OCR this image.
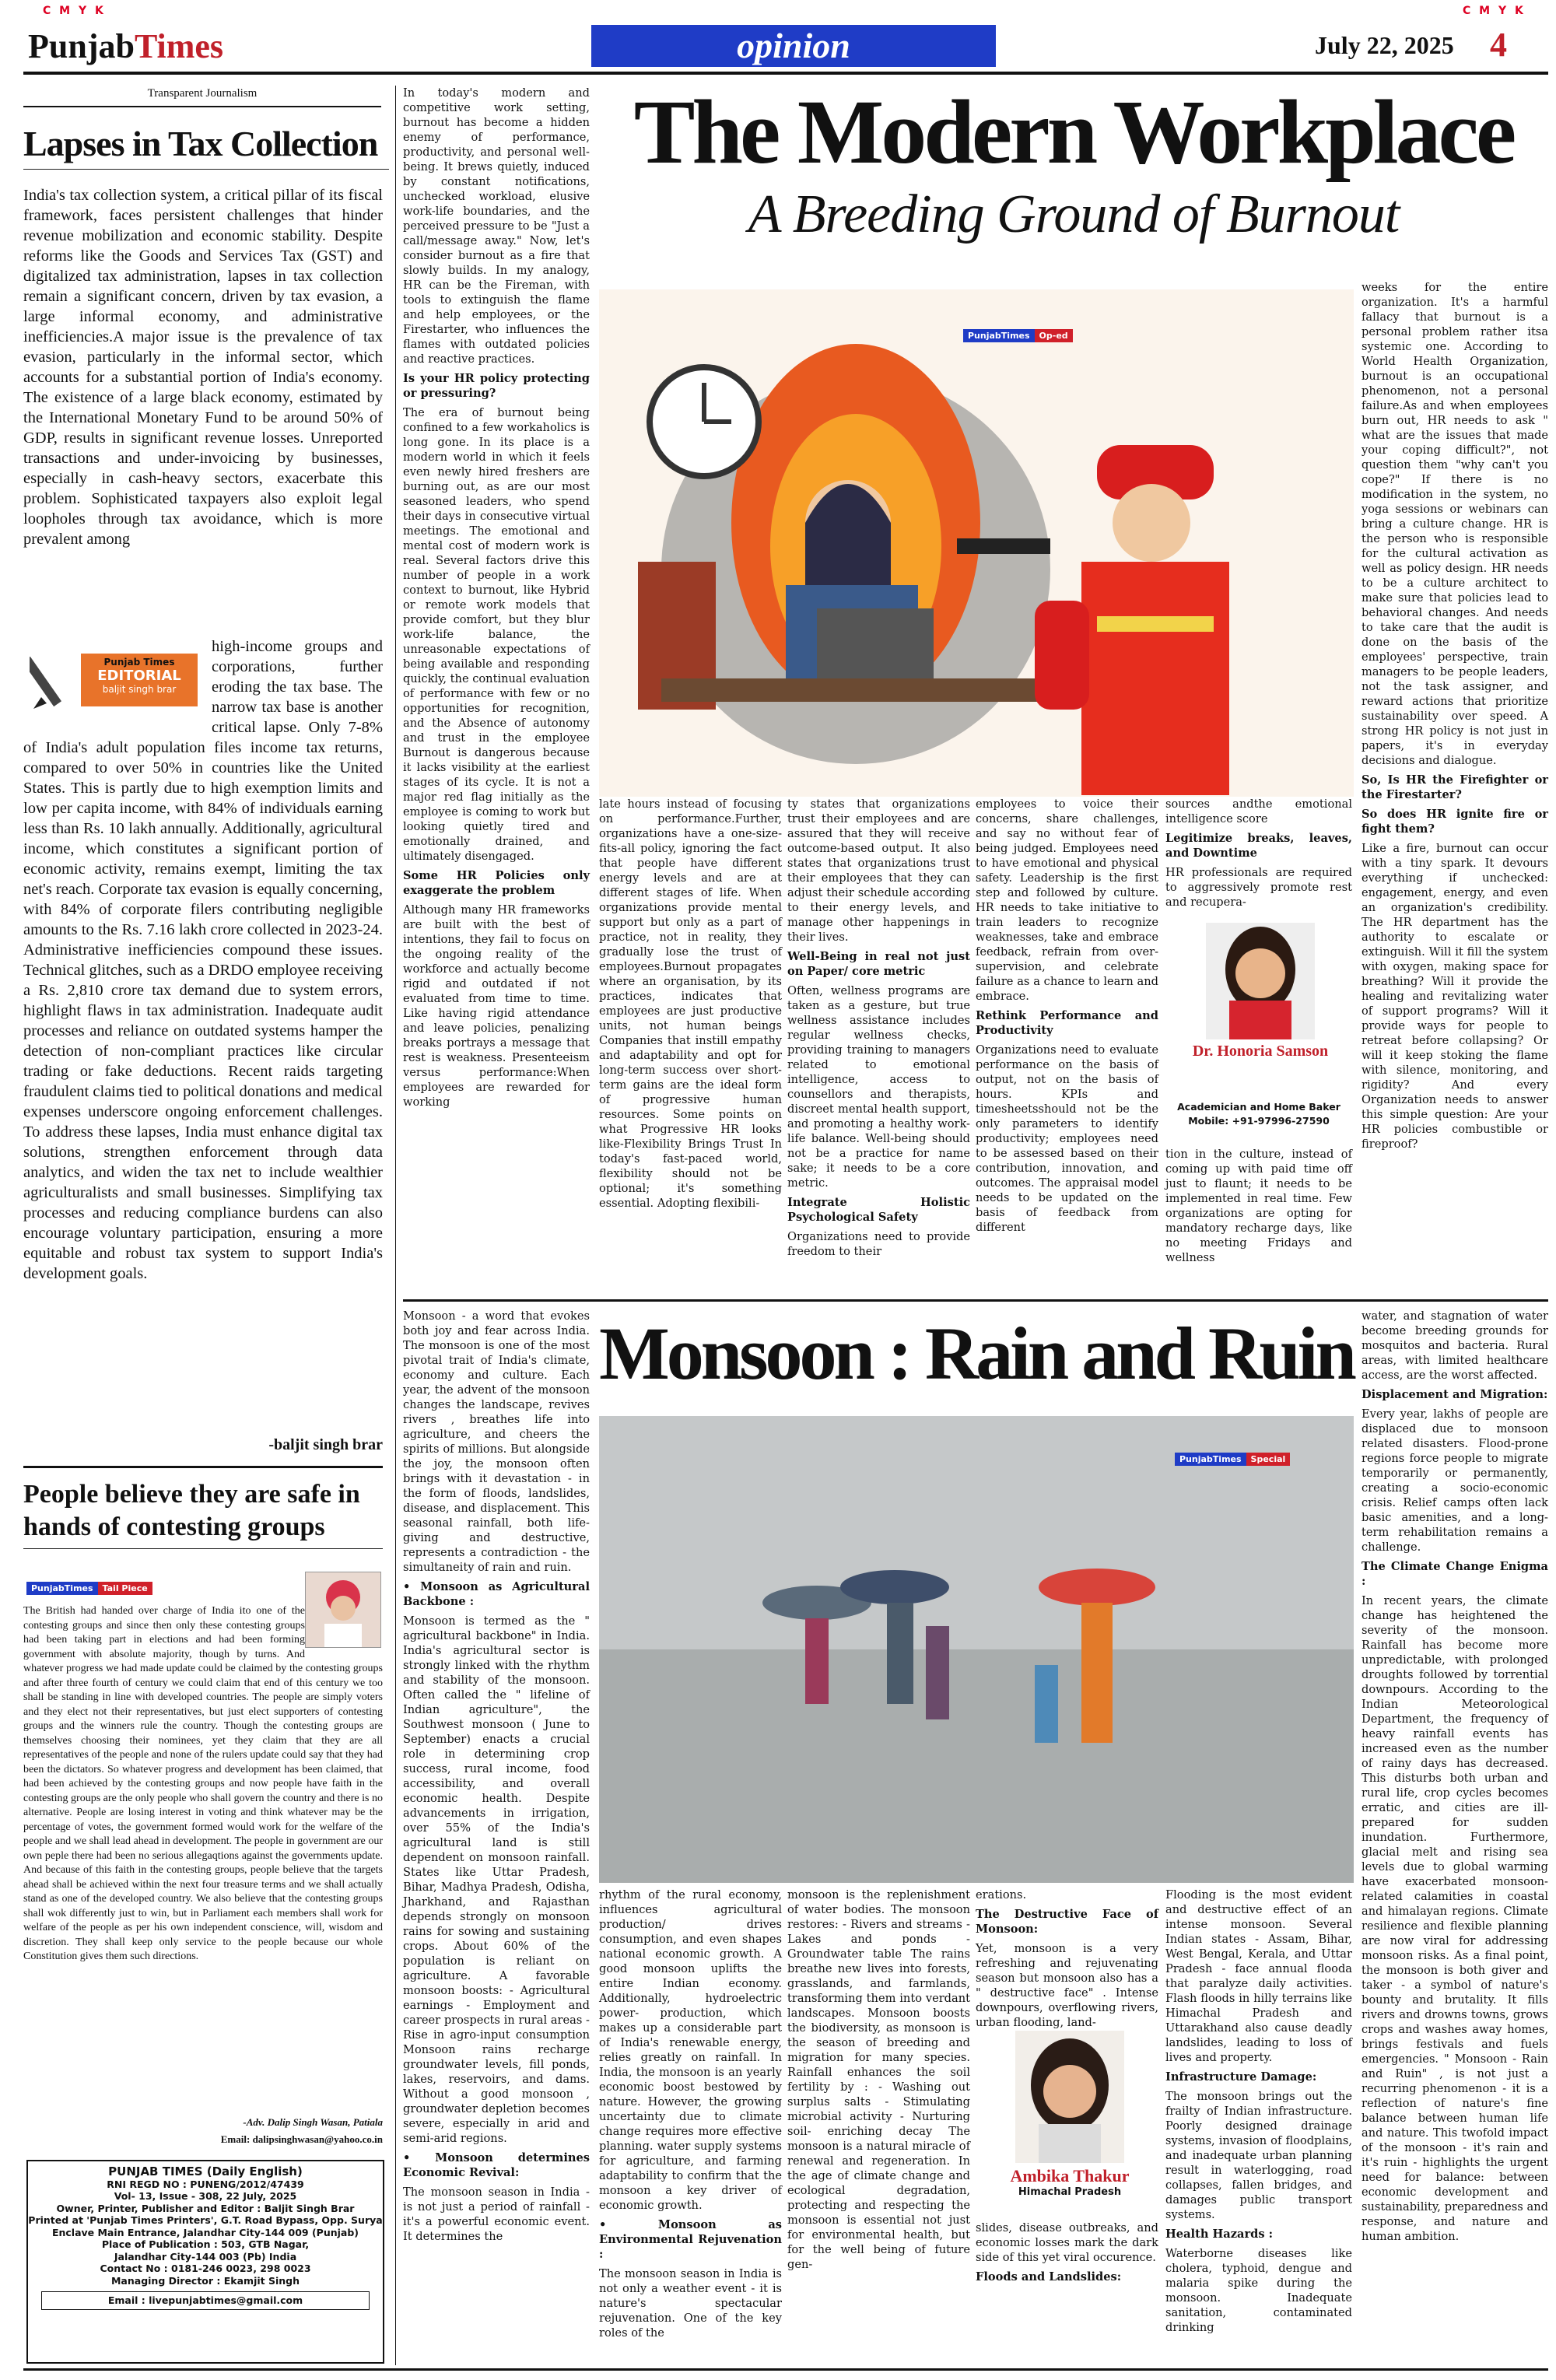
C M Y K	C M Y K
PunjabTimes	opinion	July 22, 2025 4
Transparent Journalism
Lapses in Tax Collection
India's tax collection system, a critical pillar of its fiscal framework, faces persistent challenges that hinder revenue mobilization and economic stability. Despite reforms like the Goods and Services Tax (GST) and digitalized tax administration, lapses in tax collection remain a significant concern, driven by tax evasion, a large informal economy, and administrative inefficiencies.A major issue is the prevalence of tax evasion, particularly in the informal sector, which accounts for a substantial portion of India's economy. The existence of a large black economy, estimated by the International Monetary Fund to be around 50% of GDP, results in significant revenue losses. Unreported transactions and under-invoicing by businesses, especially in cash-heavy sectors, exacerbate this problem. Sophisticated taxpayers also exploit legal loopholes through tax avoidance, which is more prevalent among
Punjab Times
EDITORIAL
baljit singh brar
high-income groups and corporations, further eroding the tax base. The narrow tax base is another critical lapse. Only 7-8% of India's adult population files income tax returns, compared to over 50% in countries like the United States. This is partly due to high exemption limits and low per capita income, with 84% of individuals earning less than Rs. 10 lakh annually. Additionally, agricultural income, which constitutes a significant portion of economic activity, remains exempt, limiting the tax net's reach. Corporate tax evasion is equally concerning, with 84% of corporate filers contributing negligible amounts to the Rs. 7.16 lakh crore collected in 2023-24. Administrative inefficiencies compound these issues. Technical glitches, such as a DRDO employee receiving a Rs. 2,810 crore tax demand due to system errors, highlight flaws in tax administration. Inadequate audit processes and reliance on outdated systems hamper the detection of non-compliant practices like circular trading or fake deductions. Recent raids targeting fraudulent claims tied to political donations and medical expenses underscore ongoing enforcement challenges. To address these lapses, India must enhance digital tax solutions, strengthen enforcement through data analytics, and widen the tax net to include wealthier agriculturalists and small businesses. Simplifying tax processes and reducing compliance burdens can also encourage voluntary participation, ensuring a more equitable and robust tax system to support India's development goals.
-baljit singh brar
People believe they are safe in hands of contesting groups
PunjabTimes Tail Piece
The British had handed over charge of India ito one of the contesting groups and since then only these contesting groups had been taking part in elections and had been forming government with absolute majority, though by turns. And whatever progress we had made update could be claimed by the contesting groups and after three fourth of century we could claim that end of this century we too shall be standing in line with developed countries. The people are simply voters and they elect not their representatives, but just elect supporters of contesting groups and the winners rule the country. Though the contesting groups are themselves choosing their nominees, yet they claim that they are all representatives of the people and none of the rulers update could say that they had been the dictators. So whatever progress and development has been claimed, that had been achieved by the contesting groups and now people have faith in the contesting groups are the only people who shall govern the country and there is no alternative. People are losing interest in voting and think whatever may be the percentage of votes, the government formed would work for the welfare of the people and we shall lead ahead in development. The people in government are our own peple there had been no serious allegaqtions against the governments update. And because of this faith in the contesting groups, people believe that the targets ahead shall be achieved within the next four treasure terms and we shall actually stand as one of the developed country. We also believe that the contesting groups shall wok differently just to win, but in Parliament each members shall work for welfare of the people as per his own independent conscience, will, wisdom and discretion. They shall keep only service to the people because our whole Constitution gives them such directions.
-Adv. Dalip Singh Wasan, Patiala
Email: dalipsinghwasan@yahoo.co.in
PUNJAB TIMES (Daily English)
RNI REGD NO : PUNENG/2012/47439
Vol- 13, Issue - 308, 22 July, 2025
Owner, Printer, Publisher and Editor : Baljit Singh Brar
Printed at 'Punjab Times Printers', G.T. Road Bypass, Opp. Surya
Enclave Main Entrance, Jalandhar City-144 009 (Punjab)
Place of Publication : 503, GTB Nagar,
Jalandhar City-144 003 (Pb) India
Contact No : 0181-246 0023, 298 0023
Managing Director : Ekamjit Singh
Email : livepunjabtimes@gmail.com

In today's modern and competitive work setting, burnout has become a hidden enemy of performance, productivity, and personal well-being. It brews quietly, induced by constant notifications, unchecked workload, elusive work-life boundaries, and the perceived pressure to be "Just a call/message away." Now, let's consider burnout as a fire that slowly builds. In my analogy, HR can be the Fireman, with tools to extinguish the flame and help employees, or the Firestarter, who influences the flames with outdated policies and reactive practices.

Is your HR policy protecting or pressuring?

The era of burnout being confined to a few workaholics is long gone. In its place is a modern world in which it feels even newly hired freshers are burning out, as are our most seasoned leaders, who spend their days in consecutive virtual meetings. The emotional and mental cost of modern work is real. Several factors drive this number of people in a work context to burnout, like Hybrid or remote work models that provide comfort, but they blur work-life balance, the unreasonable expectations of being available and responding quickly, the continual evaluation of performance with few or no opportunities for recognition, and the Absence of autonomy and trust in the employee Burnout is dangerous because it lacks visibility at the earliest stages of its cycle. It is not a major red flag initially as the employee is coming to work but looking quietly tired and emotionally drained, and ultimately disengaged.

Some HR Policies only exaggerate the problem

Although many HR frameworks are built with the best of intentions, they fail to focus on the ongoing reality of the workforce and actually become rigid and outdated if not evaluated from time to time. Like having rigid attendance and leave policies, penalizing breaks portrays a message that rest is weakness. Presenteeism versus performance:When employees are rewarded for working

The Modern Workplace
A Breeding Ground of Burnout
PunjabTimes Op-ed

weeks for the entire organization. It's a harmful fallacy that burnout is a personal problem rather itsa systemic one. According to World Health Organization, burnout is an occupational phenomenon, not a personal failure.As and when employees burn out, HR needs to ask " what are the issues that made your coping difficult?", not question them "why can't you cope?" If there is no modification in the system, no yoga sessions or webinars can bring a culture change. HR is the person who is responsible for the cultural activation as well as policy design. HR needs to be a culture architect to make sure that policies lead to behavioral changes. And needs to take care that the audit is done on the basis of the employees' perspective, train managers to be people leaders, not the task assigner, and reward actions that prioritize sustainability over speed. A strong HR policy is not just in papers, it's in everyday decisions and dialogue.

So, Is HR the Firefighter or the Firestarter?

So does HR ignite fire or fight them?

Like a fire, burnout can occur with a tiny spark. It devours everything if unchecked: engagement, energy, and even an organization's credibility. The HR department has the authority to escalate or extinguish. Will it fill the system with oxygen, making space for breathing? Will it provide the healing and revitalizing water of support programs? Will it provide ways for people to retreat before collapsing? Or will it keep stoking the flame with silence, monitoring, and rigidity? And every Organization needs to answer this simple question: Are your HR policies combustible or fireproof?

late hours instead of focusing on performance.Further, organizations have a one-size-fits-all policy, ignoring the fact that people have different energy levels and are at different stages of life. When organizations provide mental support but only as a part of practice, not in reality, they gradually lose the trust of employees.Burnout propagates where an organisation, by its practices, indicates that employees are just productive units, not human beings Companies that instill empathy and adaptability and opt for long-term success over short-term gains are the ideal form of progressive human resources. Some points on what Progressive HR looks like-Flexibility Brings Trust In today's fast-paced world, flexibility should not be optional; it's something essential. Adopting flexibili-

ty states that organizations trust their employees and are assured that they will receive outcome-based output. It also states that organizations trust their employees that they can adjust their schedule according to their energy levels, and manage other happenings in their lives.

Well-Being in real not just on Paper/ core metric

Often, wellness programs are taken as a gesture, but true wellness assistance includes regular wellness checks, providing training to managers related to emotional intelligence, access to counsellors and therapists, discreet mental health support, and promoting a healthy work-life balance. Well-being should not be a practice for name sake; it needs to be a core metric.

Integrate Holistic Psychological Safety

Organizations need to provide freedom to their

employees to voice their concerns, share challenges, and say no without fear of being judged. Employees need to have emotional and physical safety. Leadership is the first step and followed by culture. HR needs to take initiative to train leaders to recognize weaknesses, take and embrace feedback, refrain from over-supervision, and celebrate failure as a chance to learn and embrace.

Rethink Performance and Productivity

Organizations need to evaluate performance on the basis of output, not on the basis of hours. KPIs and timesheetsshould not be the only parameters to identify productivity; employees need to be assessed based on their contribution, innovation, and outcomes. The appraisal model needs to be updated on the basis of feedback from different

sources andthe emotional intelligence score

Legitimize breaks, leaves, and Downtime

HR professionals are required to aggressively promote rest and recupera-

Dr. Honoria Samson
Academician and Home Baker
Mobile: +91-97996-27590
tion in the culture, instead of coming up with paid time off just to flaunt; it needs to be implemented in real time. Few organizations are opting for mandatory recharge days, like no meeting Fridays and wellness

Monsoon - a word that evokes both joy and fear across India. The monsoon is one of the most pivotal trait of India's climate, economy and culture. Each year, the advent of the monsoon changes the landscape, revives rivers , breathes life into agriculture, and cheers the spirits of millions. But alongside the joy, the monsoon often brings with it devastation - in the form of floods, landslides, disease, and displacement. This seasonal rainfall, both life-giving and destructive, represents a contradiction - the simultaneity of rain and ruin.

• Monsoon as Agricultural Backbone :

Monsoon is termed as the " agricultural backbone" in India. India's agricultural sector is strongly linked with the rhythm and stability of the monsoon. Often called the " lifeline of Indian agriculture", the Southwest monsoon ( June to September) enacts a crucial role in determining crop success, rural income, food accessibility, and overall economic health. Despite advancements in irrigation, over 55% of the India's agricultural land is still dependent on monsoon rainfall. States like Uttar Pradesh, Bihar, Madhya Pradesh, Odisha, Jharkhand, and Rajasthan depends strongly on monsoon rains for sowing and sustaining crops. About 60% of the population is reliant on agriculture. A favorable monsoon boosts: - Agricultural earnings - Employment and career prospects in rural areas - Rise in agro-input consumption Monsoon rains recharge groundwater levels, fill ponds, lakes, reservoirs, and dams. Without a good monsoon , groundwater depletion becomes severe, especially in arid and semi-arid regions.

• Monsoon determines Economic Revival:

The monsoon season in India - is not just a period of rainfall - it's a powerful economic event. It determines the

Monsoon : Rain and Ruin
PunjabTimes Special

water, and stagnation of water become breeding grounds for mosquitos and bacteria. Rural areas, with limited healthcare access, are the worst affected.

Displacement and Migration:

Every year, lakhs of people are displaced due to monsoon related disasters. Flood-prone regions force people to migrate temporarily or permanently, creating a socio-economic crisis. Relief camps often lack basic amenities, and a long-term rehabilitation remains a challenge.

The Climate Change Enigma :

In recent years, the climate change has heightened the severity of the monsoon. Rainfall has become more unpredictable, with prolonged droughts followed by torrential downpours. According to the Indian Meteorological Department, the frequency of heavy rainfall events has increased even as the number of rainy days has decreased. This disturbs both urban and rural life, crop cycles becomes erratic, and cities are ill-prepared for sudden inundation. Furthermore, glacial melt and rising sea levels due to global warming have exacerbated monsoon-related calamities in coastal and himalayan regions. Climate resilience and flexible planning are now viral for addressing monsoon risks. As a final point, the monsoon is both giver and taker - a symbol of nature's bounty and brutality. It fills rivers and drowns towns, grows crops and washes away homes, brings festivals and fuels emergencies. " Monsoon - Rain and Ruin" , is not just a recurring phenomenon - it is a reflection of nature's fine balance between human life and nature. This twofold impact of the monsoon - it's rain and it's ruin - highlights the urgent need for balance: between economic development and sustainability, preparedness and response, and nature and human ambition.

rhythm of the rural economy, influences agricultural production/ drives consumption, and even shapes national economic growth. A good monsoon uplifts the entire Indian economy. Additionally, hydroelectric power- production, which makes up a considerable part of India's renewable energy, relies greatly on rainfall. In India, the monsoon is an yearly economic boost bestowed by nature. However, the growing uncertainty due to climate change requires more effective planning. water supply systems for agriculture, and farming adaptability to confirm that the monsoon a key driver of economic growth.

• Monsoon as Environmental Rejuvenation :

The monsoon season in India is not only a weather event - it is nature's spectacular rejuvenation. One of the key roles of the

monsoon is the replenishment of water bodies. The monsoon restores: - Rivers and streams - Lakes and ponds - Groundwater table The rains breathe new lives into forests, grasslands, and farmlands, transforming them into verdant landscapes. Monsoon boosts the biodiversity, as monsoon is the season of breeding and migration for many species. Rainfall enhances the soil fertility by : - Washing out surplus salts - Stimulating microbial activity - Nurturing soil- enriching decay The monsoon is a natural miracle of renewal and regeneration. In the age of climate change and ecological degradation, protecting and respecting the monsoon is essential not just for environmental health, but for the well being of future gen-

erations.

The Destructive Face of Monsoon:

Yet, monsoon is a very refreshing and rejuvenating season but monsoon also has a " destructive face" . Intense downpours, overflowing rivers, urban flooding, land-

Ambika Thakur
Himachal Pradesh

slides, disease outbreaks, and economic losses mark the dark side of this yet viral occurence.

Floods and Landslides:

Flooding is the most evident and destructive effect of an intense monsoon. Several Indian states - Assam, Bihar, West Bengal, Kerala, and Uttar Pradesh - face annual flooda that paralyze daily activities. Flash floods in hilly terrains like Himachal Pradesh and Uttarakhand also cause deadly landslides, leading to loss of lives and property.

Infrastructure Damage:

The monsoon brings out the frailty of Indian infrastructure. Poorly designed drainage systems, invasion of floodplains, and inadequate urban planning result in waterlogging, road collapses, fallen bridges, and damages public transport systems.

Health Hazards :

Waterborne diseases like cholera, typhoid, dengue and malaria spike during the monsoon. Inadequate sanitation, contaminated drinking
